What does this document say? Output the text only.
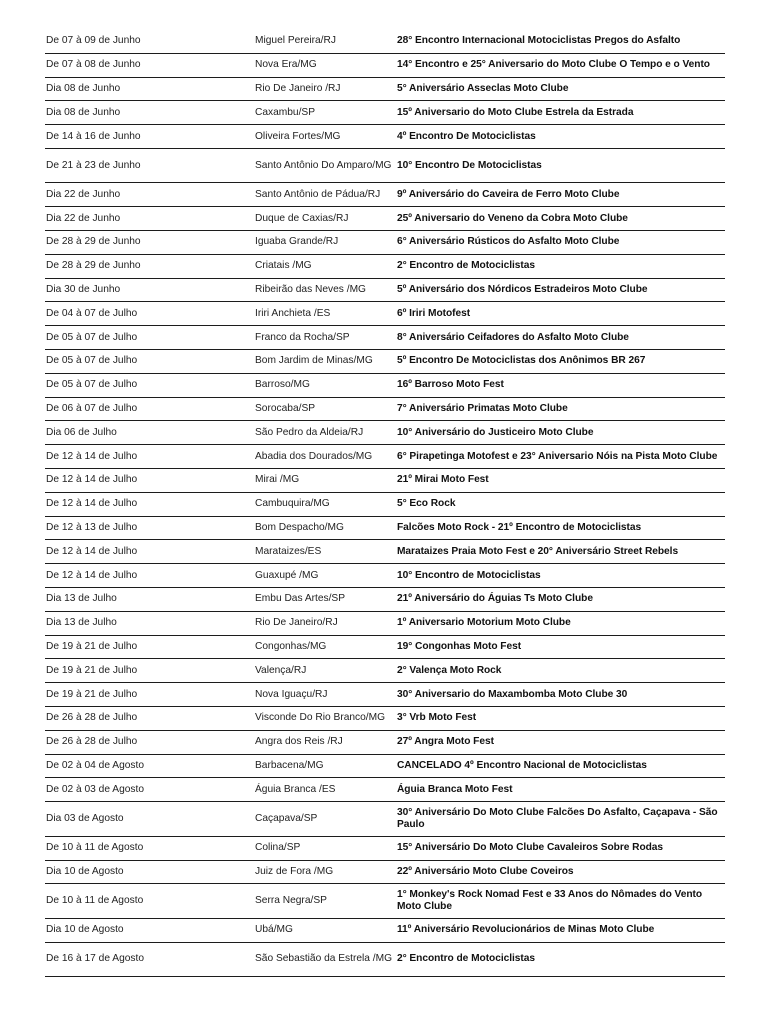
De 07 à 09 de Junho	Miguel Pereira/RJ	28° Encontro Internacional Motociclistas Pregos do Asfalto
De 07 à 08 de Junho	Nova Era/MG	14° Encontro e 25° Aniversario do Moto Clube O Tempo e o Vento
Dia 08 de Junho	Rio De Janeiro /RJ	5° Aniversário Asseclas Moto Clube
Dia 08 de Junho	Caxambu/SP	15º Aniversario do Moto Clube Estrela da Estrada
De 14 à 16 de Junho	Oliveira Fortes/MG	4º Encontro De Motociclistas
De 21 à 23 de Junho	Santo Antônio Do Amparo/MG	10° Encontro De Motociclistas
Dia 22 de Junho	Santo Antônio de Pádua/RJ	9º Aniversário do Caveira de Ferro Moto Clube
Dia 22 de Junho	Duque de Caxias/RJ	25º Aniversario do Veneno da Cobra Moto Clube
De 28 à 29 de Junho	Iguaba Grande/RJ	6° Aniversário Rústicos do Asfalto Moto Clube
De 28 à 29 de Junho	Criatais /MG	2° Encontro de Motociclistas
Dia 30 de Junho	Ribeirão das Neves /MG	5º Aniversário dos Nórdicos Estradeiros Moto Clube
De 04 à 07 de Julho	Iriri Anchieta /ES	6º Iriri Motofest
De 05 à 07 de Julho	Franco da Rocha/SP	8° Aniversário Ceifadores do Asfalto Moto Clube
De 05 à 07 de Julho	Bom Jardim de Minas/MG	5º Encontro De Motociclistas dos Anônimos BR 267
De 05 à 07 de Julho	Barroso/MG	16º Barroso Moto Fest
De 06 à 07 de Julho	Sorocaba/SP	7° Aniversário Primatas Moto Clube
Dia 06 de Julho	São Pedro da Aldeia/RJ	10° Aniversário do Justiceiro Moto Clube
De 12 à 14 de Julho	Abadia dos Dourados/MG	6° Pirapetinga Motofest e 23° Aniversario Nóis na Pista Moto Clube
De 12 à 14 de Julho	Mirai /MG	21º Mirai Moto Fest
De 12 à 14 de Julho	Cambuquira/MG	5° Eco Rock
De 12 à 13 de Julho	Bom Despacho/MG	Falcões Moto Rock - 21º Encontro de Motociclistas
De 12 à 14 de Julho	Marataizes/ES	Marataizes Praia Moto Fest e 20° Aniversário Street Rebels
De 12 à 14 de Julho	Guaxupé /MG	10° Encontro de Motociclistas
Dia 13 de Julho	Embu Das Artes/SP	21º Aniversário do Águias Ts Moto Clube
Dia 13 de Julho	Rio De Janeiro/RJ	1º Aniversario Motorium Moto Clube
De 19 à 21 de Julho	Congonhas/MG	19° Congonhas Moto Fest
De 19 à 21 de Julho	Valença/RJ	2° Valença Moto Rock
De 19 à 21 de Julho	Nova Iguaçu/RJ	30° Aniversario do Maxambomba Moto Clube 30
De 26 à 28 de Julho	Visconde Do Rio Branco/MG	3° Vrb Moto Fest
De 26 à 28 de Julho	Angra dos Reis /RJ	27º Angra Moto Fest
De 02 à 04 de Agosto	Barbacena/MG	CANCELADO 4º Encontro Nacional de Motociclistas
De 02 à 03 de Agosto	Águia Branca /ES	Águia Branca Moto Fest
Dia 03 de Agosto	Caçapava/SP	30° Aniversário Do Moto Clube Falcões Do Asfalto, Caçapava - São Paulo
De 10 à 11 de Agosto	Colina/SP	15° Aniversário Do Moto Clube Cavaleiros Sobre Rodas
Dia 10 de Agosto	Juiz de Fora /MG	22º Aniversário Moto Clube Coveiros
De 10 à 11 de Agosto	Serra Negra/SP	1° Monkey's Rock Nomad Fest e 33 Anos do Nômades do Vento Moto Clube
Dia 10 de Agosto	Ubá/MG	11º Aniversário Revolucionários de Minas Moto Clube
De 16 à 17 de Agosto	São Sebastião da Estrela /MG	2° Encontro de Motociclistas
